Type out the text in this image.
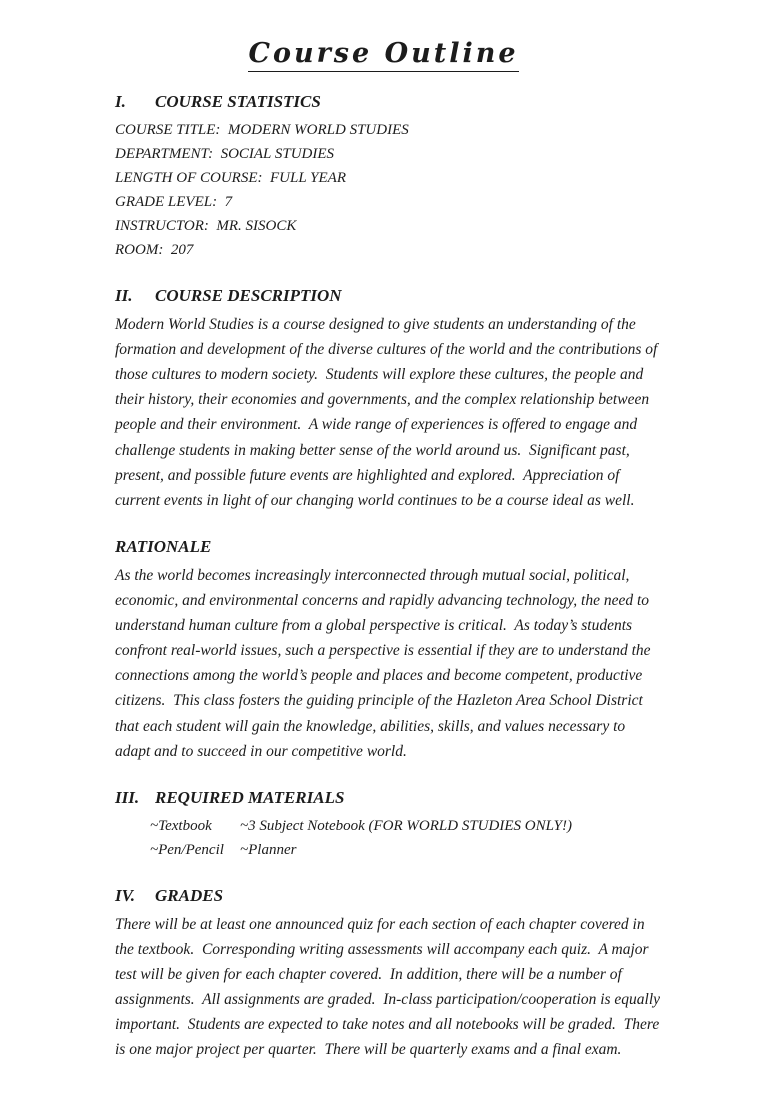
Course Outline
I.	COURSE STATISTICS
COURSE TITLE:  MODERN WORLD STUDIES
DEPARTMENT:  SOCIAL STUDIES
LENGTH OF COURSE:  FULL YEAR
GRADE LEVEL:  7
INSTRUCTOR:  MR. SISOCK
ROOM:  207
II.	COURSE DESCRIPTION
Modern World Studies is a course designed to give students an understanding of the formation and development of the diverse cultures of the world and the contributions of those cultures to modern society.  Students will explore these cultures, the people and their history, their economies and governments, and the complex relationship between people and their environment.  A wide range of experiences is offered to engage and challenge students in making better sense of the world around us.  Significant past, present, and possible future events are highlighted and explored.  Appreciation of current events in light of our changing world continues to be a course ideal as well.
RATIONALE
As the world becomes increasingly interconnected through mutual social, political, economic, and environmental concerns and rapidly advancing technology, the need to understand human culture from a global perspective is critical.  As today’s students confront real-world issues, such a perspective is essential if they are to understand the connections among the world’s people and places and become competent, productive citizens.  This class fosters the guiding principle of the Hazleton Area School District that each student will gain the knowledge, abilities, skills, and values necessary to adapt and to succeed in our competitive world.
III. REQUIRED MATERIALS
~Textbook	~3 Subject Notebook (FOR WORLD STUDIES ONLY!)
~Pen/Pencil	~Planner
IV.	GRADES
There will be at least one announced quiz for each section of each chapter covered in the textbook.  Corresponding writing assessments will accompany each quiz.  A major test will be given for each chapter covered.  In addition, there will be a number of assignments.  All assignments are graded.  In-class participation/cooperation is equally important.  Students are expected to take notes and all notebooks will be graded.  There is one major project per quarter.  There will be quarterly exams and a final exam.
